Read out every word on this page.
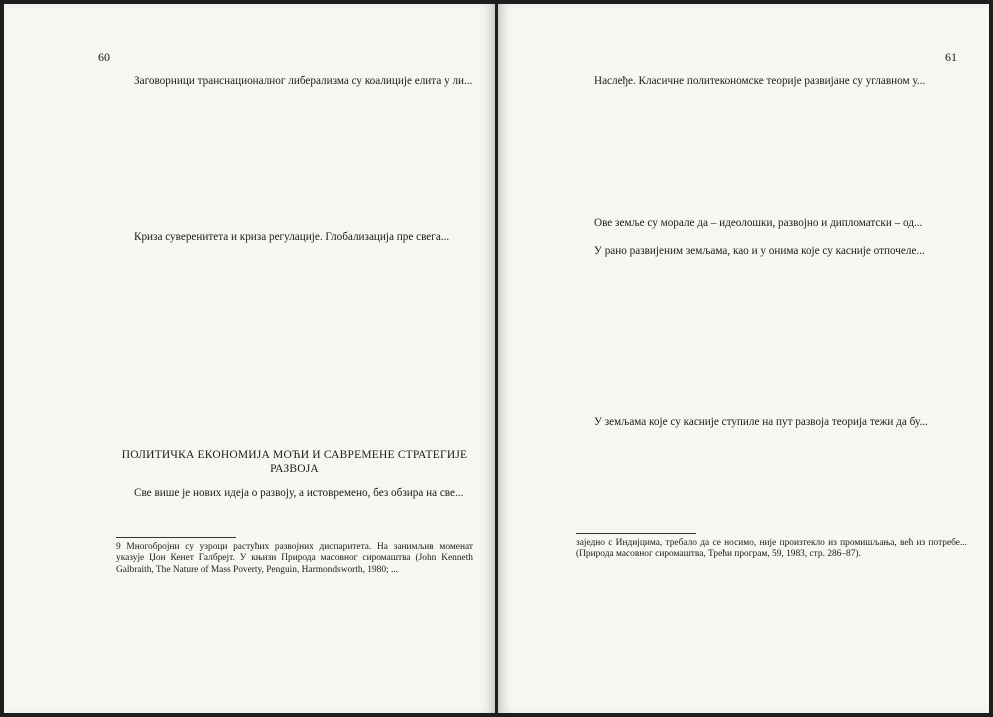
60

Заговорници транснационалног либерализма су коалиције елита у ли...

Криза суверенитета и криза регулације. Глобализација пре свега...

ПОЛИТИЧКА ЕКОНОМИЈА МОЋИ И САВРЕМЕНЕ СТРАТЕГИЈЕ РАЗВОЈА

Све више је нових идеја о развоју, а истовремено, без обзира на све...

9 Многобројни су узроци растућих развојних диспаритета. На занимљив моменат указује Џон Кенет Галбрејт. У књизи Природа масовног сиромаштва (John Kenneth Galbraith, The Nature of Mass Poverty, Penguin, Harmondsworth, 1980; ...

61

Наслеђе. Класичне политекономске теорије развијане су углавном у...

Ове земље су морале да – идеолошки, развојно и дипломатски – од...

У рано развијеним земљама, као и у онима које су касније отпочеле...

У земљама које су касније ступиле на пут развоја теорија тежи да бу...

заједно с Индијцима, требало да се носимо, није произтекло из промишљања, већ из потребе... (Природа масовног сиромаштва, Трећи програм, 59, 1983, стр. 286–87).
